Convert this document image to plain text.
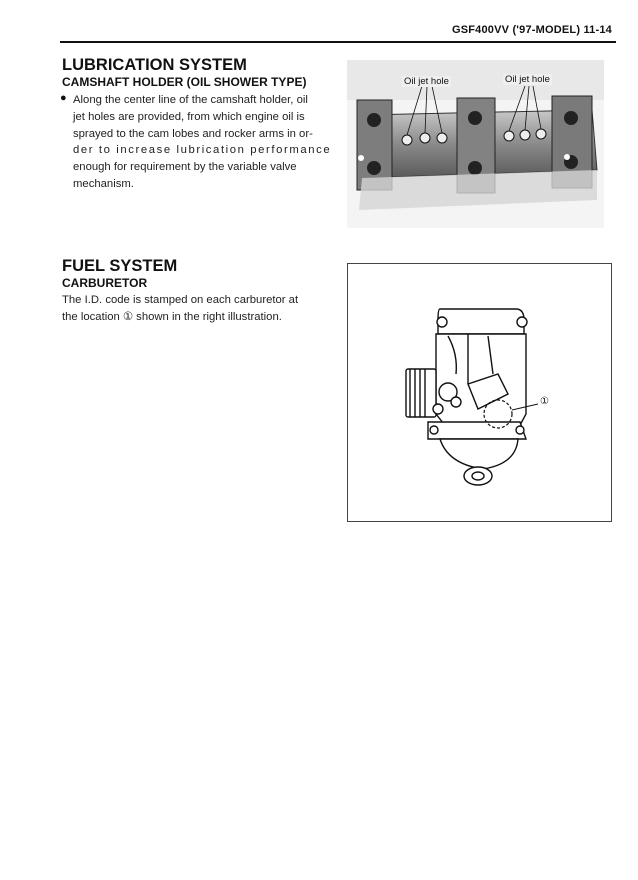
GSF400VV ('97-MODEL) 11-14
LUBRICATION SYSTEM
CAMSHAFT HOLDER (OIL SHOWER TYPE)
● Along the center line of the camshaft holder, oil
jet holes are provided, from which engine oil is
sprayed to the cam lobes and rocker arms in or-
der to increase lubrication performance
enough for requirement by the variable valve
mechanism.
Oil jet hole	Oil jet hole
FUEL SYSTEM
CARBURETOR
The I.D. code is stamped on each carburetor at
the location ① shown in the right illustration.
①
